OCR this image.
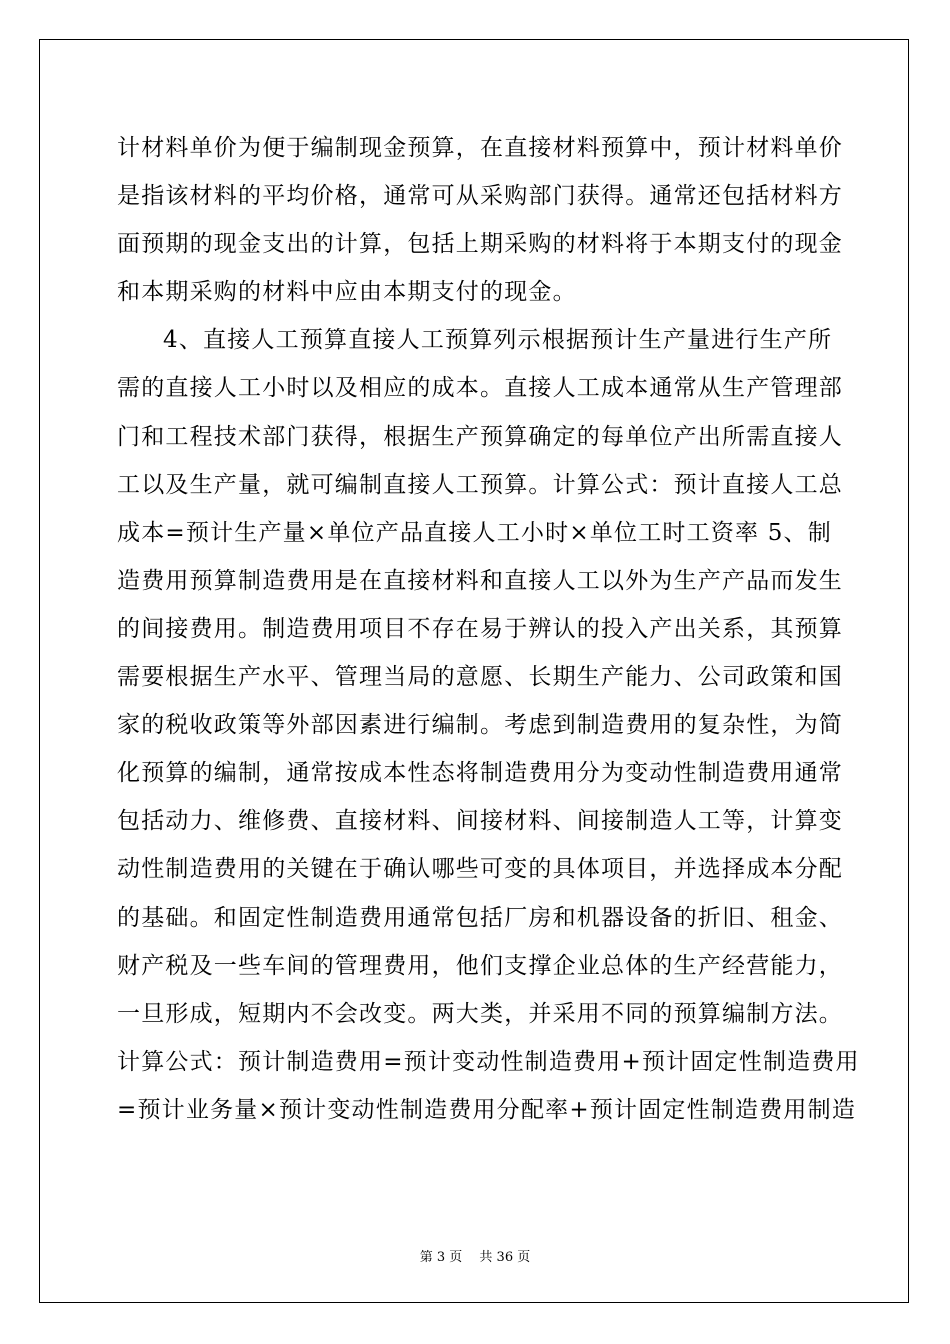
计材料单价为便于编制现金预算，在直接材料预算中，预计材料单价
是指该材料的平均价格，通常可从采购部门获得。通常还包括材料方
面预期的现金支出的计算，包括上期采购的材料将于本期支付的现金
和本期采购的材料中应由本期支付的现金。
4、直接人工预算直接人工预算列示根据预计生产量进行生产所
需的直接人工小时以及相应的成本。直接人工成本通常从生产管理部
门和工程技术部门获得，根据生产预算确定的每单位产出所需直接人
工以及生产量，就可编制直接人工预算。计算公式：预计直接人工总
成本=预计生产量×单位产品直接人工小时×单位工时工资率 5、制
造费用预算制造费用是在直接材料和直接人工以外为生产产品而发生
的间接费用。制造费用项目不存在易于辨认的投入产出关系，其预算
需要根据生产水平、管理当局的意愿、长期生产能力、公司政策和国
家的税收政策等外部因素进行编制。考虑到制造费用的复杂性，为简
化预算的编制，通常按成本性态将制造费用分为变动性制造费用通常
包括动力、维修费、直接材料、间接材料、间接制造人工等，计算变
动性制造费用的关键在于确认哪些可变的具体项目，并选择成本分配
的基础。和固定性制造费用通常包括厂房和机器设备的折旧、租金、
财产税及一些车间的管理费用，他们支撑企业总体的生产经营能力，
一旦形成，短期内不会改变。两大类，并采用不同的预算编制方法。
计算公式：预计制造费用=预计变动性制造费用+预计固定性制造费用
=预计业务量×预计变动性制造费用分配率+预计固定性制造费用制造
第 3 页　 共 36 页
